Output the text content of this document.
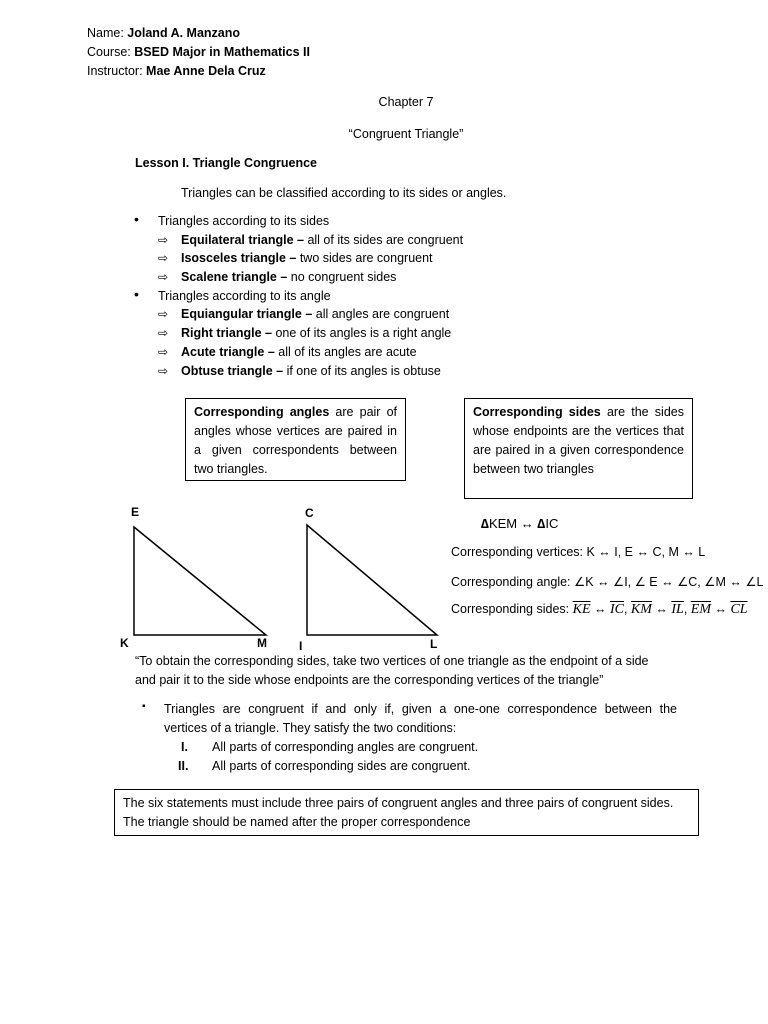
Name: Joland A. Manzano
Course: BSED Major in Mathematics II
Instructor: Mae Anne Dela Cruz
Chapter 7
“Congruent Triangle”
Lesson I. Triangle Congruence
Triangles can be classified according to its sides or angles.
• Triangles according to its sides
⇨ Equilateral triangle – all of its sides are congruent
⇨ Isosceles triangle – two sides are congruent
⇨ Scalene triangle – no congruent sides
• Triangles according to its angle
⇨ Equiangular triangle – all angles are congruent
⇨ Right triangle – one of its angles is a right angle
⇨ Acute triangle – all of its angles are acute
⇨ Obtuse triangle – if one of its angles is obtuse
Corresponding angles are pair of angles whose vertices are paired in a given correspondents between two triangles.
Corresponding sides are the sides whose endpoints are the vertices that are paired in a given correspondence between two triangles
E
K	M
C
I	L
∆KEM ↔ ∆IC
Corresponding vertices: K ↔ I, E ↔ C, M ↔ L
Corresponding angle: ∠K ↔ ∠I, ∠ E ↔ ∠C, ∠M ↔ ∠L
Corresponding sides: $\overline{KE}$ ↔ $\overline{IC}$, $\overline{KM}$ ↔ $\overline{IL}$, $\overline{EM}$ ↔ $\overline{CL}$
“To obtain the corresponding sides, take two vertices of one triangle as the endpoint of a side
and pair it to the side whose endpoints are the corresponding vertices of the triangle”
▪ Triangles are congruent if and only if, given a one-one correspondence between the
vertices of a triangle. They satisfy the two conditions:
I. All parts of corresponding angles are congruent.
II. All parts of corresponding sides are congruent.
The six statements must include three pairs of congruent angles and three pairs of congruent sides.
The triangle should be named after the proper correspondence
